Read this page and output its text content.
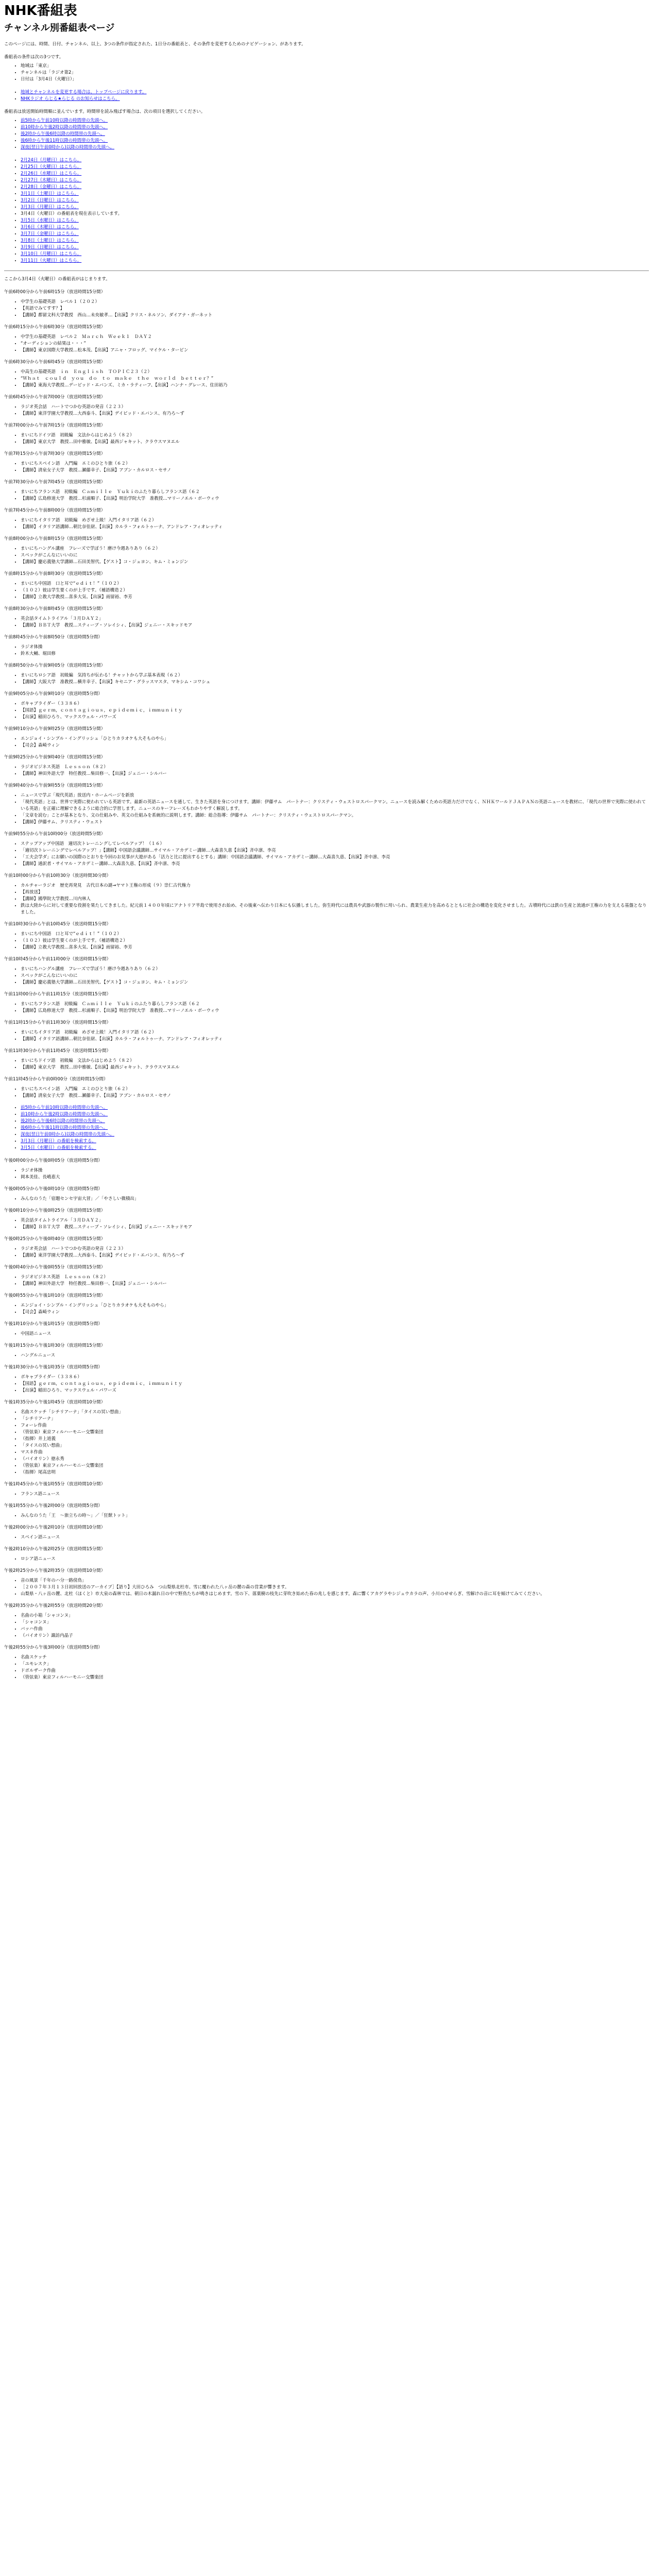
NHK番組表
チャンネル別番組表ページ

このページには、時間、日付、チャンネル、以上、3つの条件が指定された、1日分の番組表と、その条件を変更するためのナビゲーション、があります。

番組表の条件は次の3つです。

• 地域は「東京」
• チャンネルは「ラジオ第2」
• 日付は「3月4日（火曜日）」
• 地域とチャンネルを変更する場合は、トップページに戻ります。
• NHKラジオ らじる★らじる のお知らせはこちら。

番組表は放送開始時間順に並んでいます。時間帯を読み飛ばす場合は、次の項目を選択してください。

• 前5時から午前10時以降の時間帯の先頭へ。
• 前10時から午後2時以降の時間帯の先頭へ。
• 後2時から午後6時以降の時間帯の先頭へ。
• 後6時から午後11時以降の時間帯の先頭へ。
• 深夜(翌日午前0時から)以降の時間帯の先頭へ。
• 2月24日（月曜日）はこちら。
• 2月25日（火曜日）はこちら。
• 2月26日（水曜日）はこちら。
• 2月27日（木曜日）はこちら。
• 2月28日（金曜日）はこちら。
• 3月1日（土曜日）はこちら。
• 3月2日（日曜日）はこちら。
• 3月3日（月曜日）はこちら。
• 3月4日（火曜日）の番組表を現在表示しています。
• 3月5日（水曜日）はこちら。
• 3月6日（木曜日）はこちら。
• 3月7日（金曜日）はこちら。
• 3月8日（土曜日）はこちら。
• 3月9日（日曜日）はこちら。
• 3月10日（月曜日）はこちら。
• 3月11日（火曜日）はこちら。

ここから3月4日（火曜日）の番組表がはじまります。

午前6時00分から午前6時15分（放送時間15分間）

• 中学生の基礎英語　レベル１（２０２）
• 【英語でみてすす？】
• 【講師】都留文科大学教授　西山…未央敏孝…【出演】クリス・ネルソン、ダイアナ・ガーネット

午前6時15分から午前6時30分（放送時間15分間）

• 中学生の基礎英語　レベル２　Ｍａｒｃｈ　Ｗｅｅｋ１　ＤＡＹ２
• “オーディションの結果は・・・”
• 【講師】東京国際大学教授…松本茂、【出演】アニャ・フロッグ、マイケル・ターピン

午前6時30分から午前6時45分（放送時間15分間）

• 中高生の基礎英語　ｉｎ　Ｅｎｇｌｉｓｈ　ＴＯＰＩＣ２３（２）
• “Ｗｈａｔ　ｃｏｕｌｄ　ｙｏｕ　ｄｏ　ｔｏ　ｍａｋｅ　ｔｈｅ　ｗｏｒｌｄ　ｂｅｔｔｅｒ？”
• 【講師】東海大学教授…デービッド・エバンズ、ミカ・ラティーフ、【出演】ハンナ・グレース、住田裕乃

午前6時45分から午前7時00分（放送時間15分間）

• ラジオ英会話　ハートでつかむ英語の発音（２２３）
• 【講師】東洋学園大学教授…大西泰斗、【出演】デイビッド・エバンス、有乃ろ～ず

午前7時00分から午前7時15分（放送時間15分間）

• まいにちドイツ語　初級編　文法からはじめよう（８２）
• 【講師】東京大学　教授…田中雅敏、【出演】最西ジャキット、クラウスマヌエル

午前7時15分から午前7時30分（放送時間15分間）

• まいにちスペイン語　入門編　エミのひとり旅（６２）
• 【講師】清泉女子大学　教授…瀬藤幸子、【出演】アブン・カルロス・セサノ

午前7時30分から午前7時45分（放送時間15分間）

• まいにちフランス語　初級編　Ｃａｍｉｌｌｅ　Ｙｕｋｉのふたり暮らしフランス語（６２
• 【講師】広島修道大学　教授…杉浦順子、【出演】明治学院大学　准教授…マリーノエル・ボーウィウ

午前7時45分から午前8時00分（放送時間15分間）

• まいにちイタリア語　初級編　めざせ上級！入門イタリア語（６２）
• 【講師】イタリア語講師…朝比奈佳尉、【出演】カルラ・フォルトゥーナ、アンドレア・フィオレッティ

午前8時00分から午前8時15分（放送時間15分間）

• まいにちハングル講座　フレーズで学ぼう！磨け今週ありあり（６２）
• スペックがこんなにいいのに
• 【講師】慶応義塾大学講師…石田美智代、【ゲスト】コ・ジュヨン、キム・ミョンジン

午前8時15分から午前8時30分（放送時間15分間）

• まいにち中国語　口と耳で“ｅｄｉｔ！”（１０２）
• （１０２）彼は学生要くのが上手です。（補語構造２）
• 【講師】立教大学教授…喜多大気、【出演】雨留裕、李芳

午前8時30分から午前8時45分（放送時間15分間）

• 英会話タイムトライアル「３月ＤＡＹ２」
• 【講師】ＢＢＴ大学　教授…スティーブ・ソレイシィ、【出演】ジェニー・スキッドモア

午前8時45分から午前8時50分（放送時間5分間）

• ラジオ体操
• 鈴木大輔、堀田修

午前8時50分から午前9時05分（放送時間15分間）

• まいにちロシア語　初級編　気持ちが伝わる！チャットから学ぶ基本表現（６２）
• 【講師】大阪大学　准教授…横井幸子、【出演】キセニア・グラッスマスタ、マキシム・コワシュ

午前9時05分から午前9時10分（放送時間5分間）

• ボキャブライダー（３３８６）
• 【国語】ｇｅｒｍ，ｃｏｎｔａｇｉｏｕｓ，ｅｐｉｄｅｍｉｃ，ｉｍｍｕｎｉｔｙ
• 【出演】稲田ひろり、マックスウェル・パワーズ

午前9時10分から午前9時25分（放送時間15分間）

• エンジョイ・シンプル・イングリッシュ「ひとりカラオケも大そものやら」
• 【司会】森崎ウィン

午前9時25分から午前9時40分（放送時間15分間）

• ラジオビジネス英語　Ｌｅｓｓｏｎ（８２）
• 【講師】神田外語大学　特任教授…柴田修一、【出演】ジェニー・シルバー

午前9時40分から午前9時55分（放送時間15分間）

• ニュースで学ぶ「現代英語」放送内・ホームページを新放
• 「現代英語」とは、世界で実際に使われている英語です。最新の英語ニュースを通して、生きた英語を身につけます。講師：伊藤サム　パートナー：クリスティ・ウェストロスパークマン。ニュースを読み解くための英語力だけでなく、ＮＨＫワールドＪＡＰＡＮの英語ニュースを教材に、「現代の世界で実際に使われている英語」を正確に理解できるように総合的に学習します。ニュースのキーフレーズもわかりやすく解説します。
• 「文章を読む」ことが基本となり、文の仕組みや、英文の仕組みを系統的に説明します。講師：総合指導：伊藤サム　パートナー：クリスティ・ウェストロスパークマン。
• 【講師】伊藤サム、クリスティ・ウェスト

午前9時55分から午前10時00分（放送時間5分間）

• ステップアップ中国語　適切次トレーニングしてレベルアップ！（１６）
• 「適切次トレーニングでレベルアップ！」【講師】中国語会議講師…サイマル・アカデミー講師…大森喜久恵【出演】斉中凛、李亮
• 「工夫会学ダ」にお願いの国際のとおりを今回のお見事が大遊がある「活力と比に提出するとする」講師：中国語会議講師、サイマル・アカデミー講師…大森喜久恵、【出演】斉中凛、李亮
• 【講師】通訳者・サイマル・アカデミー講師…大森喜久恵、【出演】斉中凛、李亮

午前10時00分から午前10時30分（放送時間30分間）

• カルチャーラジオ　歴史再発見　古代日本の謎→ヤマト王権の形成（９）崇仁古代権力
• 【再放送】
• 【講師】國學院大学教授…川内林人
• 鉄は大陸からに対して重要な役割を果たしてきました。紀元前１４００年頃にアナトリア半島で使用され始め、その後東へ伝わり日本にも伝播しました。弥生時代には農具や武器の製作に用いられ、農業生産力を高めるとともに社会の構造を変化させました。古墳時代には鉄の生産と流通が王権の力を支える基盤となりました。

午前10時30分から午前10時45分（放送時間15分間）

• まいにち中国語　口と耳で“ｅｄｉｔ！”（１０２）
• （１０２）彼は学生要くのが上手です。（補語構造２）
• 【講師】立教大学教授…喜多大気、【出演】雨留裕、李芳

午前10時45分から午前11時00分（放送時間15分間）

• まいにちハングル講座　フレーズで学ぼう！磨け今週ありあり（６２）
• スペックがこんなにいいのに
• 【講師】慶応義塾大学講師…石田美智代、【ゲスト】コ・ジュヨン、キム・ミョンジン

午前11時00分から午前11時15分（放送時間15分間）

• まいにちフランス語　初級編　Ｃａｍｉｌｌｅ　Ｙｕｋｉのふたり暮らしフランス語（６２
• 【講師】広島修道大学　教授…杉浦順子、【出演】明治学院大学　准教授…マリーノエル・ボーウィウ

午前11時15分から午前11時30分（放送時間15分間）

• まいにちイタリア語　初級編　めざせ上級！入門イタリア語（６２）
• 【講師】イタリア語講師…朝比奈佳尉、【出演】カルラ・フォルトゥーナ、アンドレア・フィオレッティ

午前11時30分から午前11時45分（放送時間15分間）

• まいにちドイツ語　初級編　文法からはじめよう（８２）
• 【講師】東京大学　教授…田中雅敏、【出演】最西ジャキット、クラウスマヌエル

午前11時45分から午前0時00分（放送時間15分間）

• まいにちスペイン語　入門編　エミのひとり旅（６２）
• 【講師】清泉女子大学　教授…瀬藤幸子、【出演】アブン・カルロス・セサノ
• 前5時から午前10時以降の時間帯の先頭へ。
• 前10時から午後2時以降の時間帯の先頭へ。
• 後2時から午後6時以降の時間帯の先頭へ。
• 後6時から午後11時以降の時間帯の先頭へ。
• 深夜(翌日午前0時から)以降の時間帯の先頭へ。
• 3月3日（月曜日）の番組を検索する。
• 3月5日（水曜日）の番組を検索する。

午後0時00分から午後0時05分（放送時間5分間）

• ラジオ体操
• 岡本美佳、長嶋恵大

午後0時05分から午後0時10分（放送時間5分間）

• みんなのうた「宿題センセ宇宙大冒」／「やさしい微積出」

午後0時10分から午後0時25分（放送時間15分間）

• 英会話タイムトライアル「３月ＤＡＹ２」
• 【講師】ＢＢＴ大学　教授…スティーブ・ソレイシィ、【出演】ジェニー・スキッドモア

午後0時25分から午後0時40分（放送時間15分間）

• ラジオ英会話　ハートでつかむ英語の発音（２２３）
• 【講師】東洋学園大学教授…大西泰斗、【出演】デイビッド・エバンス、有乃ろ～ず

午後0時40分から午後0時55分（放送時間15分間）

• ラジオビジネス英語　Ｌｅｓｓｏｎ（８２）
• 【講師】神田外語大学　特任教授…柴田修一、【出演】ジェニー・シルバー

午後0時55分から午後1時10分（放送時間15分間）

• エンジョイ・シンプル・イングリッシュ「ひとりカラオケも大そものやら」
• 【司会】森崎ウィン

午後1時10分から午後1時15分（放送時間5分間）

• 中国語ニュース

午後1時15分から午後1時30分（放送時間15分間）

• ハングルニュース

午後1時30分から午後1時35分（放送時間5分間）

• ボキャブライダー（３３８６）
• 【国語】ｇｅｒｍ，ｃｏｎｔａｇｉｏｕｓ，ｅｐｉｄｅｍｉｃ，ｉｍｍｕｎｉｔｙ
• 【出演】稲田ひろり、マックスウェル・パワーズ

午後1時35分から午後1時45分（放送時間10分間）

• 名曲スケッチ「シチリアーナ」「タイスの冥い想曲」
• 「シチリアーナ」
• フォーレ作曲
• （管弦楽）東京フィルハーモニー交響楽団
• （指揮）井上道義
• 「タイスの冥い想曲」
• マスネ作曲
• （バイオリン）徳永秀
• （管弦楽）東京フィルハーモニー交響楽団
• （指揮）尾高忠明

午後1時45分から午後1時55分（放送時間10分間）

• フランス語ニュース

午後1時55分から午後2時00分（放送時間5分間）

• みんなのうた「王　～旅立ちの時～」／「狂獣トット」

午後2時00分から午後2時10分（放送時間10分間）

• スペイン語ニュース

午後2時10分から午後2時25分（放送時間15分間）

• ロシア語ニュース

午後2時25分から午後2時35分（放送時間10分間）

• 音の風景「千年のハ分一路傍鳥」
• ［２００７年３月１３日初回放送のアーカイブ］【語り】大田ひろみ　つ山梨県北杜市。雪に覆われた八ヶ岳の麓の森の営業が響きます。
• 山梨県・八ヶ岳の麓、北杜（ほくと）市大泉の森林では、朝日の木漏れ日の中で野鳥たちが鳴きはじめます。雪の下、落葉樹の枝先に芽吹き始めた春の兆しを感じます。森に響くアカゲラやシジュウカラの声、小川のせせらぎ、雪解けの音に耳を傾けてみてください。

午後2時35分から午後2時55分（放送時間20分間）

• 名曲の小箱「シャコンヌ」
• 「シャコンヌ」
• バッハ作曲
• （バイオリン）諏訪内晶子

午後2時55分から午後3時00分（放送時間5分間）

• 名曲スケッチ
• 「ユモレスク」
• ドボルザーク作曲
• （管弦楽）東京フィルハーモニー交響楽団
